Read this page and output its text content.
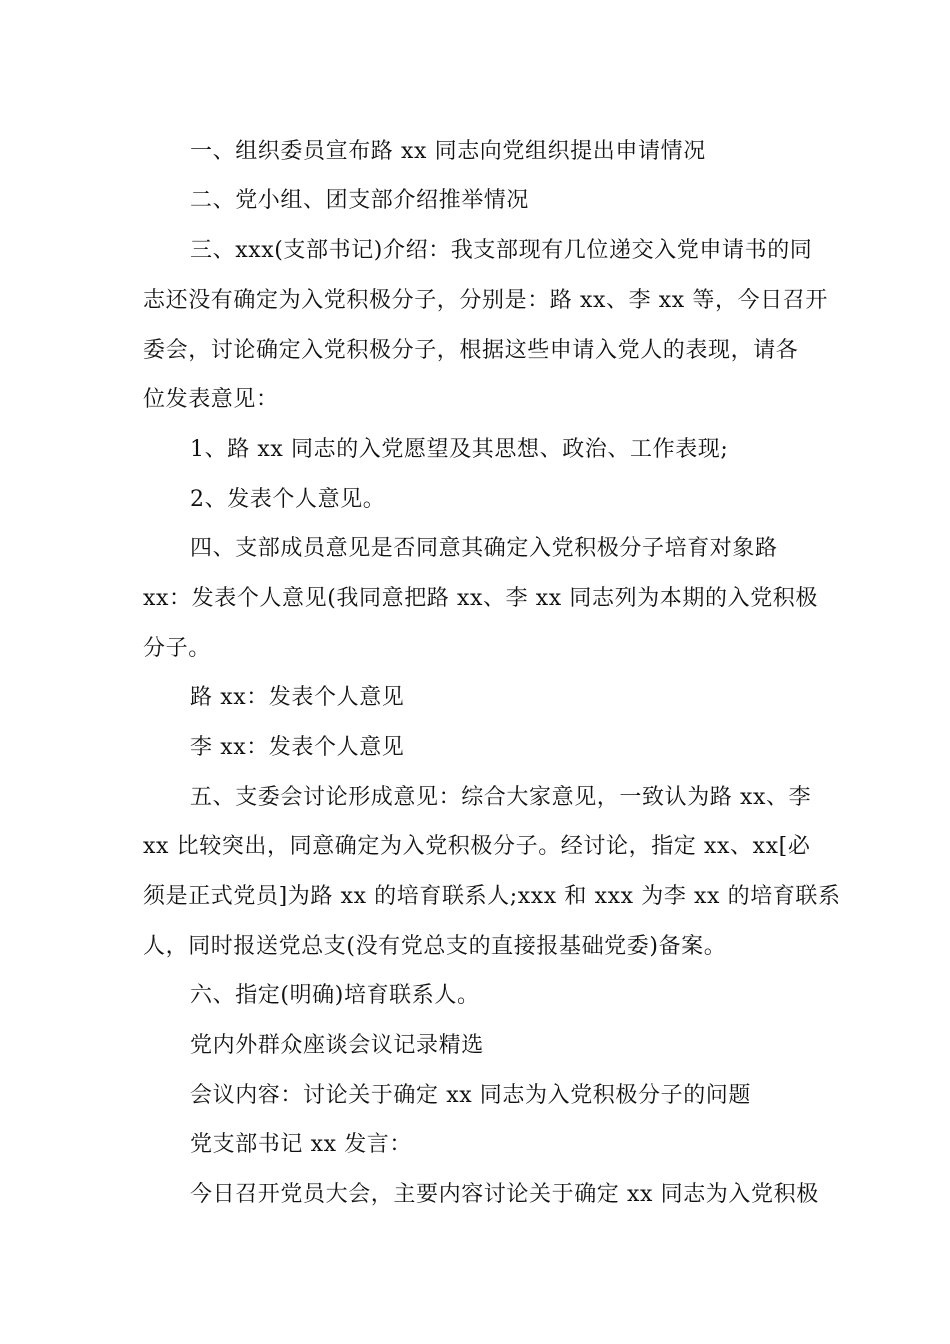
一、组织委员宣布路 xx 同志向党组织提出申请情况

二、党小组、团支部介绍推举情况

三、xxx(支部书记)介绍：我支部现有几位递交入党申请书的同

志还没有确定为入党积极分子，分别是：路 xx、李 xx 等，今日召开

委会，讨论确定入党积极分子，根据这些申请入党人的表现，请各

位发表意见：

1、路 xx 同志的入党愿望及其思想、政治、工作表现;

2、发表个人意见。

四、支部成员意见是否同意其确定入党积极分子培育对象路

xx：发表个人意见(我同意把路 xx、李 xx 同志列为本期的入党积极

分子。

路 xx：发表个人意见

李 xx：发表个人意见

五、支委会讨论形成意见：综合大家意见，一致认为路 xx、李

xx 比较突出，同意确定为入党积极分子。经讨论，指定 xx、xx[必

须是正式党员]为路 xx 的培育联系人;xxx 和 xxx 为李 xx 的培育联系

人，同时报送党总支(没有党总支的直接报基础党委)备案。

六、指定(明确)培育联系人。

党内外群众座谈会议记录精选

会议内容：讨论关于确定 xx 同志为入党积极分子的问题

党支部书记 xx 发言：

今日召开党员大会，主要内容讨论关于确定 xx 同志为入党积极
